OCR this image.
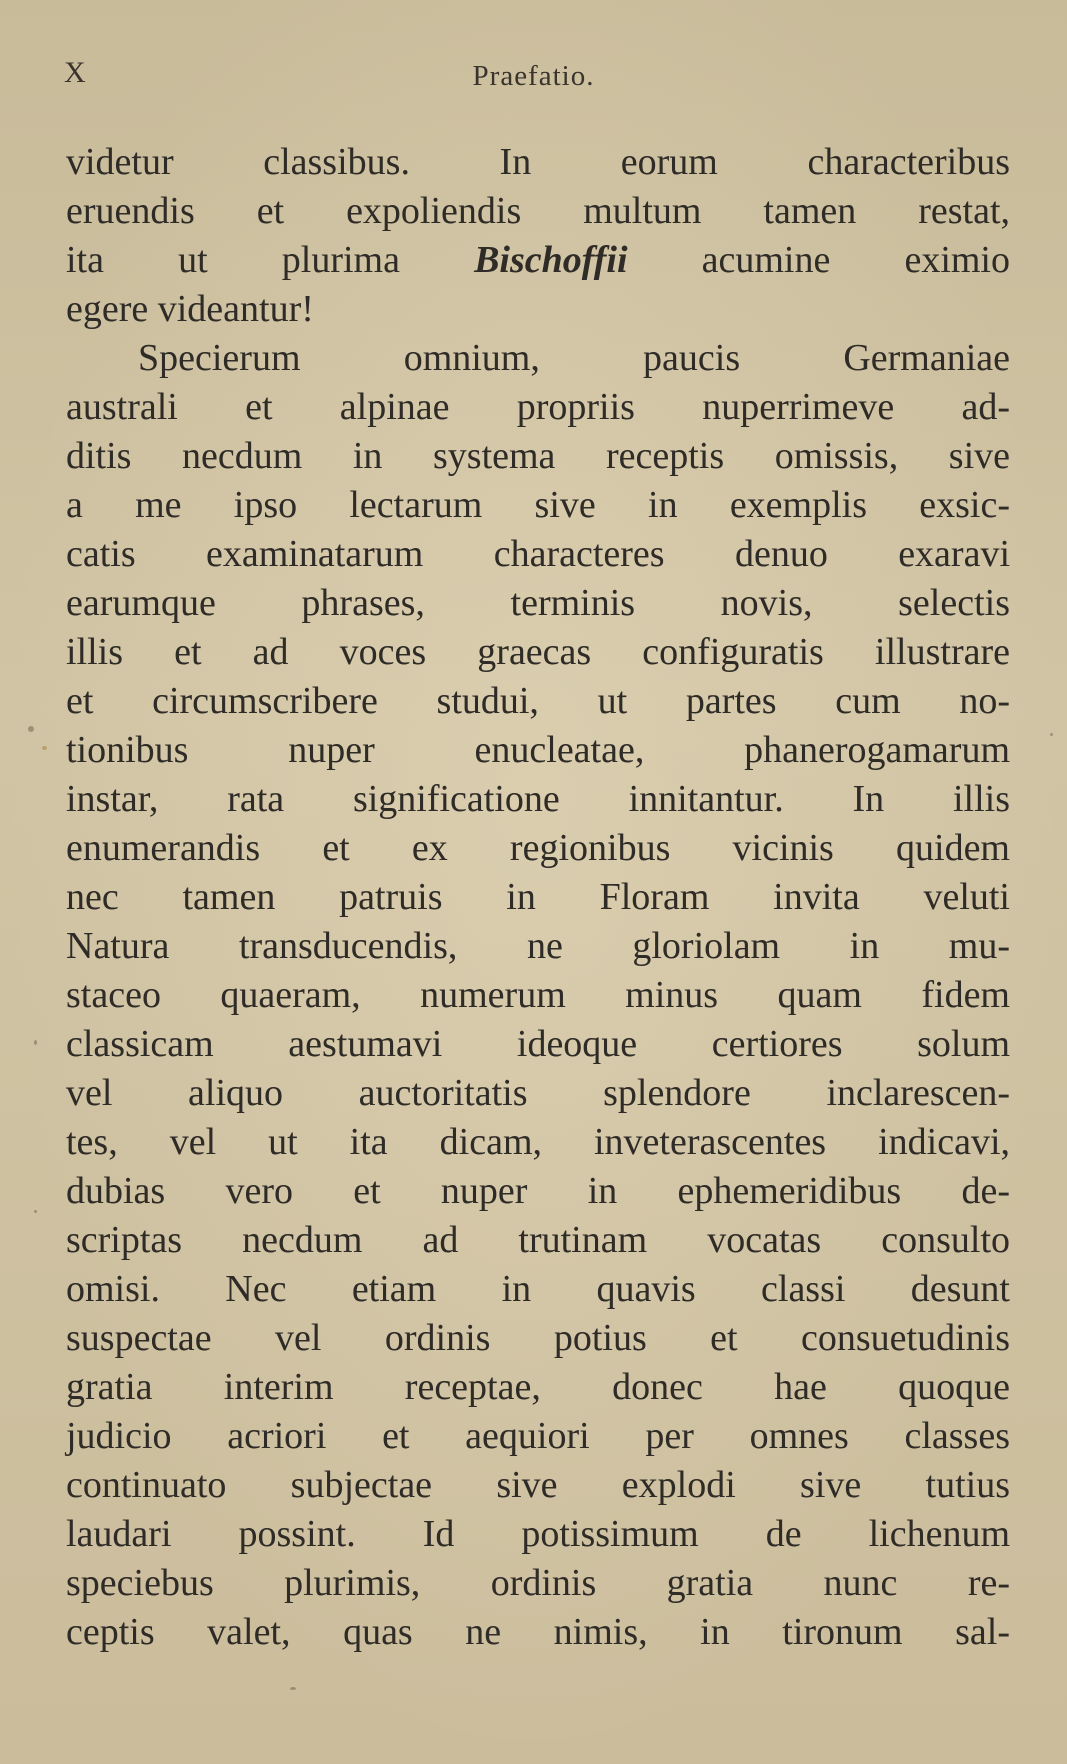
X	Praefatio.
videtur classibus. In eorum characteribus
eruendis et expoliendis multum tamen restat,
ita ut plurima Bischoffii acumine eximio
egere videantur!
Specierum omnium, paucis Germaniae
australi et alpinae propriis nuperrimeve ad-
ditis necdum in systema receptis omissis, sive
a me ipso lectarum sive in exemplis exsic-
catis examinatarum characteres denuo exaravi
earumque phrases, terminis novis, selectis
illis et ad voces graecas configuratis illustrare
et circumscribere studui, ut partes cum no-
tionibus nuper enucleatae, phanerogamarum
instar, rata significatione innitantur. In illis
enumerandis et ex regionibus vicinis quidem
nec tamen patruis in Floram invita veluti
Natura transducendis, ne gloriolam in mu-
staceo quaeram, numerum minus quam fidem
classicam aestumavi ideoque certiores solum
vel aliquo auctoritatis splendore inclarescen-
tes, vel ut ita dicam, inveterascentes indicavi,
dubias vero et nuper in ephemeridibus de-
scriptas necdum ad trutinam vocatas consulto
omisi. Nec etiam in quavis classi desunt
suspectae vel ordinis potius et consuetudinis
gratia interim receptae, donec hae quoque
judicio acriori et aequiori per omnes classes
continuato subjectae sive explodi sive tutius
laudari possint. Id potissimum de lichenum
speciebus plurimis, ordinis gratia nunc re-
ceptis valet, quas ne nimis, in tironum sal-
